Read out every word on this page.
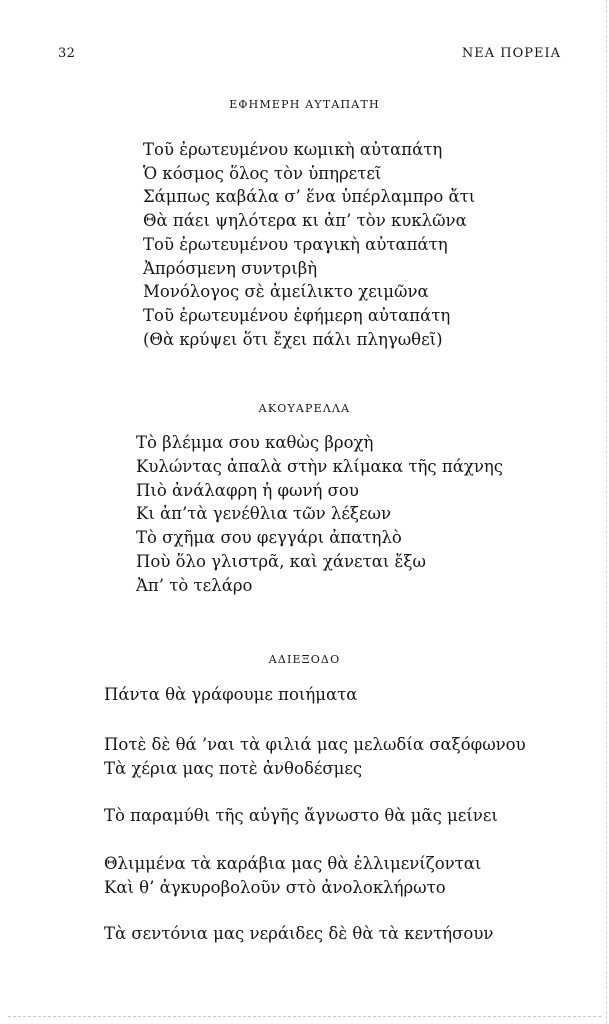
32	ΝΕΑ ΠΟΡΕΙΑ
ΕΦΗΜΕΡΗ ΑΥΤΑΠΑΤΗ
Τοῦ ἐρωτευμένου κωμικὴ αὐταπάτη
Ὁ κόσμος ὅλος τὸν ὑπηρετεῖ
Σάμπως καβάλα σ’ ἕνα ὑπέρλαμπρο ἄτι
Θὰ πάει ψηλότερα κι ἀπ’ τὸν κυκλῶνα
Τοῦ ἐρωτευμένου τραγικὴ αὐταπάτη
Ἀπρόσμενη συντριβὴ
Μονόλογος σὲ ἀμείλικτο χειμῶνα
Τοῦ ἐρωτευμένου ἐφήμερη αὐταπάτη
(Θὰ κρύψει ὅτι ἔχει πάλι πληγωθεῖ)
ΑΚΟΥΑΡΕΛΛΑ
Τὸ βλέμμα σου καθὼς βροχὴ
Κυλώντας ἀπαλὰ στὴν κλίμακα τῆς πάχνης
Πιὸ ἀνάλαφρη ἡ φωνή σου
Κι ἀπ’τὰ γενέθλια τῶν λέξεων
Τὸ σχῆμα σου φεγγάρι ἀπατηλὸ
Ποὺ ὅλο γλιστρᾶ, καὶ χάνεται ἔξω
Ἀπ’ τὸ τελάρο
ΑΔΙΕΞΟΔΟ
Πάντα θὰ γράφουμε ποιήματα
Ποτὲ δὲ θά ’ναι τὰ φιλιά μας μελωδία σαξόφωνου
Τὰ χέρια μας ποτὲ ἀνθοδέσμες
Τὸ παραμύθι τῆς αὐγῆς ἄγνωστο θὰ μᾶς μείνει
Θλιμμένα τὰ καράβια μας θὰ ἐλλιμενίζονται
Καὶ θ’ ἀγκυροβολοῦν στὸ ἀνολοκλήρωτο
Τὰ σεντόνια μας νεράιδες δὲ θὰ τὰ κεντήσουν
